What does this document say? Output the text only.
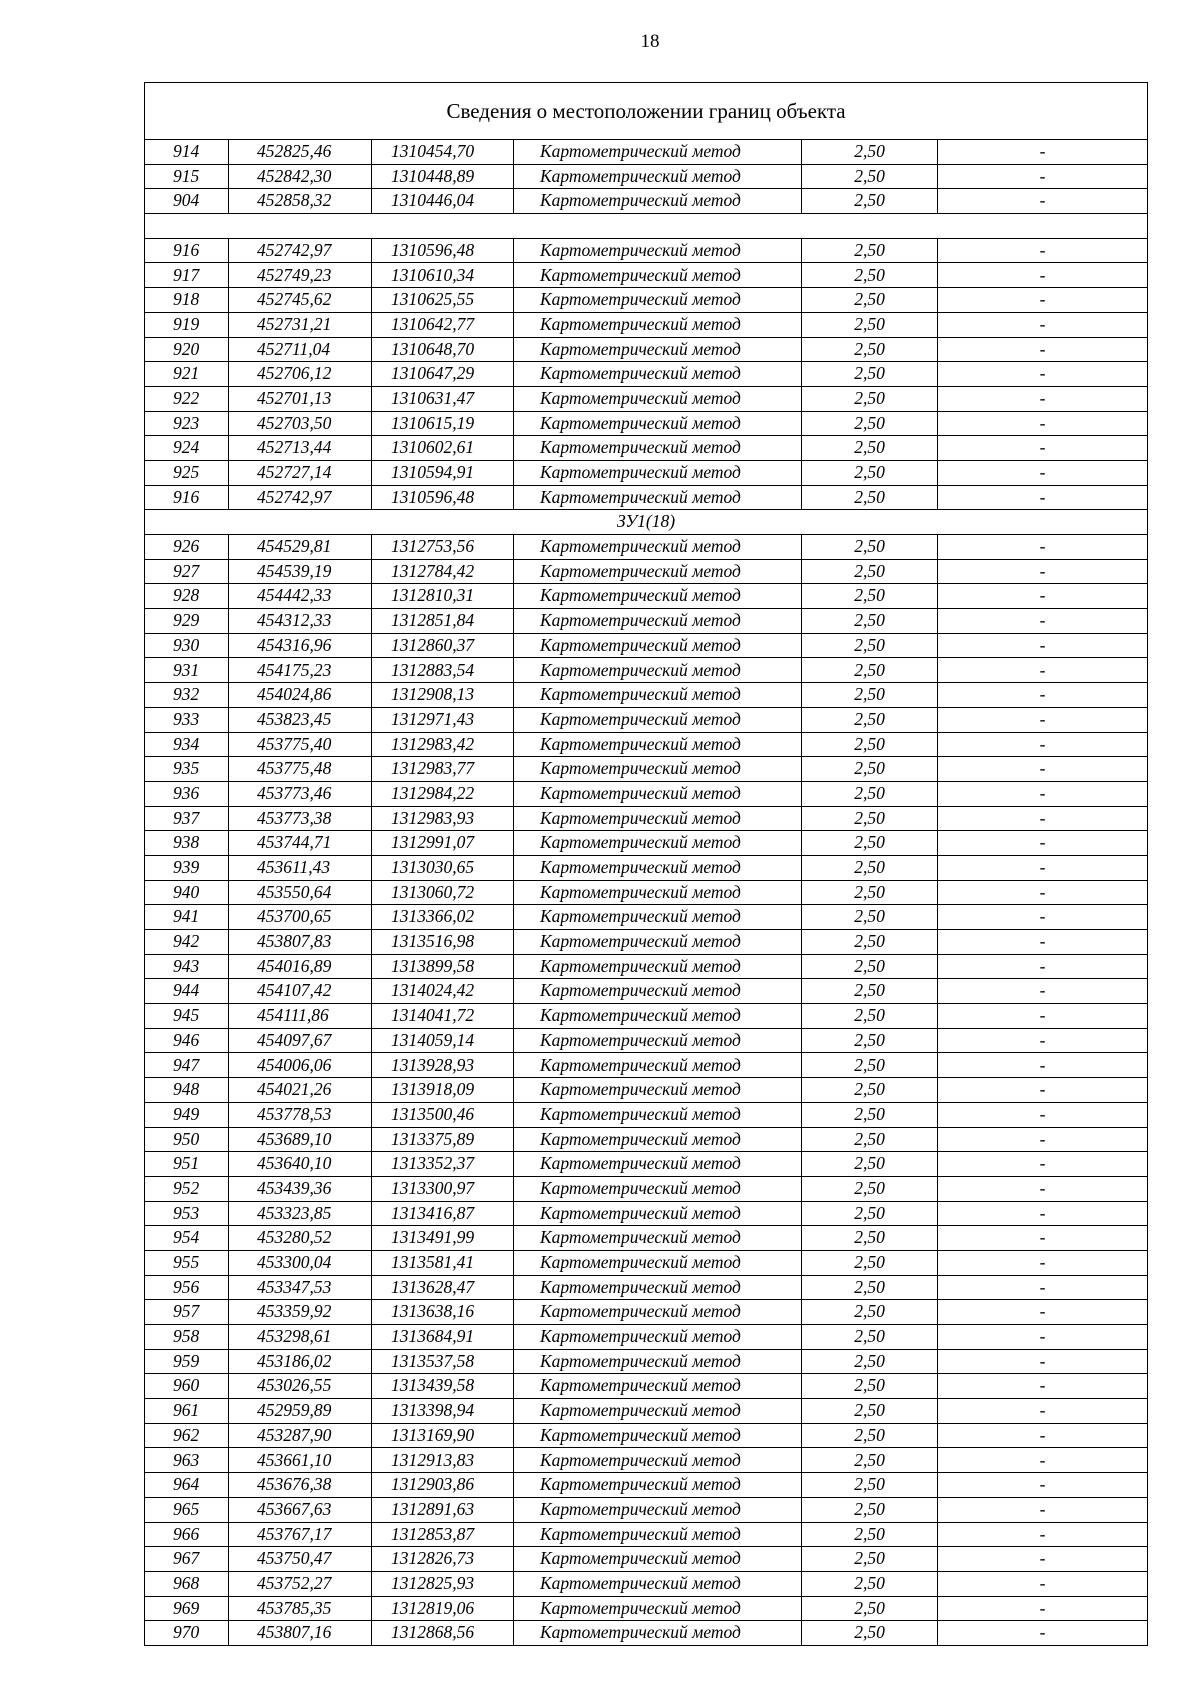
18
Сведения о местоположении границ объекта					
914	452825,46	1310454,70	Картометрический метод	2,50	-
915	452842,30	1310448,89	Картометрический метод	2,50	-
904	452858,32	1310446,04	Картометрический метод	2,50	-

916	452742,97	1310596,48	Картометрический метод	2,50	-
917	452749,23	1310610,34	Картометрический метод	2,50	-
918	452745,62	1310625,55	Картометрический метод	2,50	-
919	452731,21	1310642,77	Картометрический метод	2,50	-
920	452711,04	1310648,70	Картометрический метод	2,50	-
921	452706,12	1310647,29	Картометрический метод	2,50	-
922	452701,13	1310631,47	Картометрический метод	2,50	-
923	452703,50	1310615,19	Картометрический метод	2,50	-
924	452713,44	1310602,61	Картометрический метод	2,50	-
925	452727,14	1310594,91	Картометрический метод	2,50	-
916	452742,97	1310596,48	Картометрический метод	2,50	-
ЗУ1(18)					
926	454529,81	1312753,56	Картометрический метод	2,50	-
927	454539,19	1312784,42	Картометрический метод	2,50	-
928	454442,33	1312810,31	Картометрический метод	2,50	-
929	454312,33	1312851,84	Картометрический метод	2,50	-
930	454316,96	1312860,37	Картометрический метод	2,50	-
931	454175,23	1312883,54	Картометрический метод	2,50	-
932	454024,86	1312908,13	Картометрический метод	2,50	-
933	453823,45	1312971,43	Картометрический метод	2,50	-
934	453775,40	1312983,42	Картометрический метод	2,50	-
935	453775,48	1312983,77	Картометрический метод	2,50	-
936	453773,46	1312984,22	Картометрический метод	2,50	-
937	453773,38	1312983,93	Картометрический метод	2,50	-
938	453744,71	1312991,07	Картометрический метод	2,50	-
939	453611,43	1313030,65	Картометрический метод	2,50	-
940	453550,64	1313060,72	Картометрический метод	2,50	-
941	453700,65	1313366,02	Картометрический метод	2,50	-
942	453807,83	1313516,98	Картометрический метод	2,50	-
943	454016,89	1313899,58	Картометрический метод	2,50	-
944	454107,42	1314024,42	Картометрический метод	2,50	-
945	454111,86	1314041,72	Картометрический метод	2,50	-
946	454097,67	1314059,14	Картометрический метод	2,50	-
947	454006,06	1313928,93	Картометрический метод	2,50	-
948	454021,26	1313918,09	Картометрический метод	2,50	-
949	453778,53	1313500,46	Картометрический метод	2,50	-
950	453689,10	1313375,89	Картометрический метод	2,50	-
951	453640,10	1313352,37	Картометрический метод	2,50	-
952	453439,36	1313300,97	Картометрический метод	2,50	-
953	453323,85	1313416,87	Картометрический метод	2,50	-
954	453280,52	1313491,99	Картометрический метод	2,50	-
955	453300,04	1313581,41	Картометрический метод	2,50	-
956	453347,53	1313628,47	Картометрический метод	2,50	-
957	453359,92	1313638,16	Картометрический метод	2,50	-
958	453298,61	1313684,91	Картометрический метод	2,50	-
959	453186,02	1313537,58	Картометрический метод	2,50	-
960	453026,55	1313439,58	Картометрический метод	2,50	-
961	452959,89	1313398,94	Картометрический метод	2,50	-
962	453287,90	1313169,90	Картометрический метод	2,50	-
963	453661,10	1312913,83	Картометрический метод	2,50	-
964	453676,38	1312903,86	Картометрический метод	2,50	-
965	453667,63	1312891,63	Картометрический метод	2,50	-
966	453767,17	1312853,87	Картометрический метод	2,50	-
967	453750,47	1312826,73	Картометрический метод	2,50	-
968	453752,27	1312825,93	Картометрический метод	2,50	-
969	453785,35	1312819,06	Картометрический метод	2,50	-
970	453807,16	1312868,56	Картометрический метод	2,50	-
